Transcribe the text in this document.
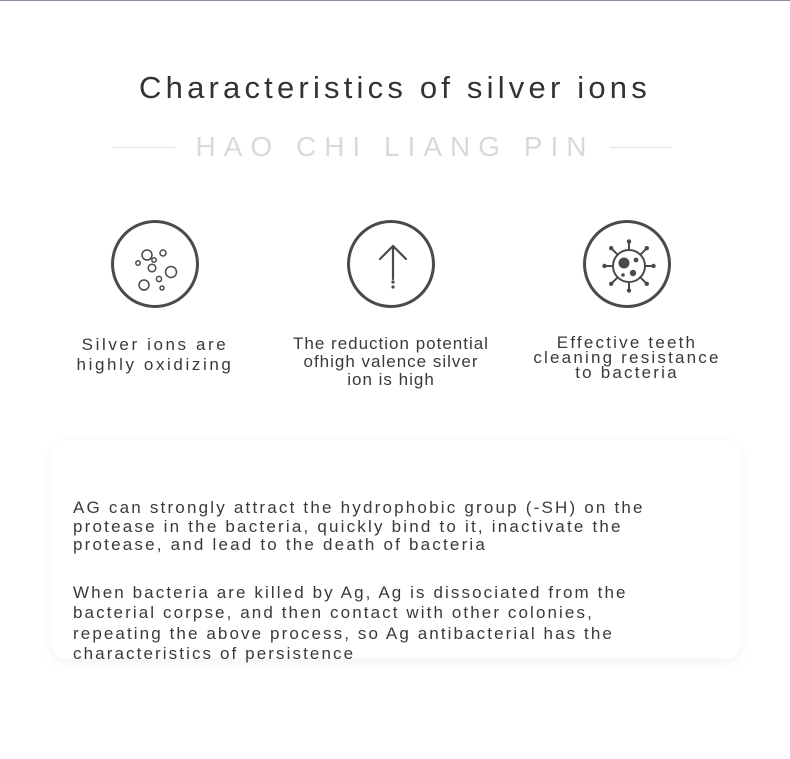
Characteristics of silver ions
HAO CHI LIANG PIN
Silver ions are
highly oxidizing
The reduction potential
ofhigh valence silver
ion is high
Effective teeth
cleaning resistance
to bacteria
AG can strongly attract the hydrophobic group (-SH) on the
protease in the bacteria, quickly bind to it, inactivate the
protease, and lead to the death of bacteria
When bacteria are killed by Ag, Ag is dissociated from the
bacterial corpse, and then contact with other colonies,
repeating the above process, so Ag antibacterial has the
characteristics of persistence
